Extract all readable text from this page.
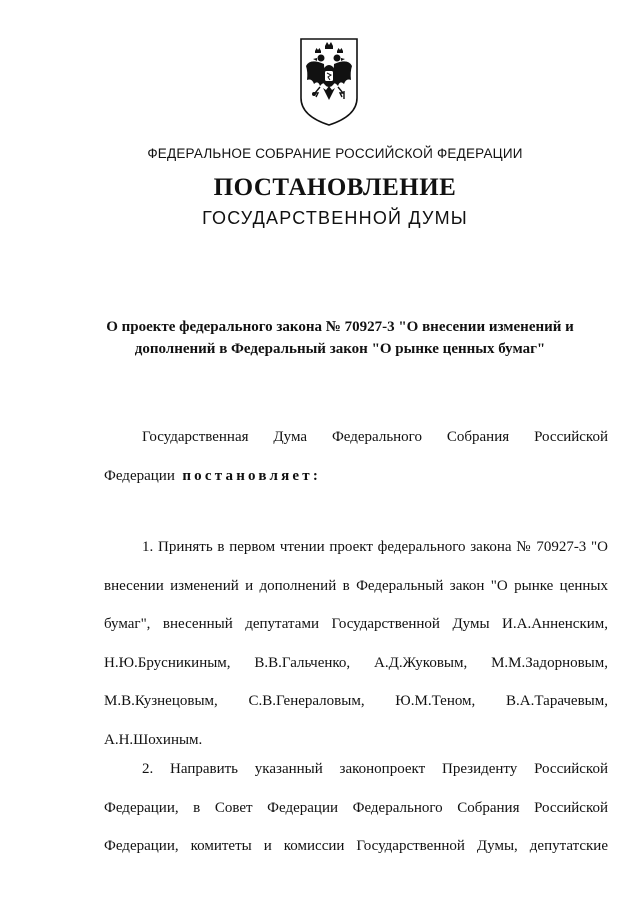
ФЕДЕРАЛЬНОЕ СОБРАНИЕ РОССИЙСКОЙ ФЕДЕРАЦИИ
ПОСТАНОВЛЕНИЕ
ГОСУДАРСТВЕННОЙ ДУМЫ
О проекте федерального закона № 70927-3 "О внесении изменений и
дополнений в Федеральный закон "О рынке ценных бумаг"
Государственная Дума Федерального Собрания Российской
Федерации постановляет:
1. Принять в первом чтении проект федерального закона № 70927-3 "О
внесении изменений и дополнений в Федеральный закон "О рынке ценных
бумаг", внесенный депутатами Государственной Думы И.А.Анненским,
Н.Ю.Брусникиным, В.В.Гальченко, А.Д.Жуковым, М.М.Задорновым,
М.В.Кузнецовым, С.В.Генераловым, Ю.М.Теном, В.А.Тарачевым,
А.Н.Шохиным.
2. Направить указанный законопроект Президенту Российской
Федерации, в Совет Федерации Федерального Собрания Российской
Федерации, комитеты и комиссии Государственной Думы, депутатские
